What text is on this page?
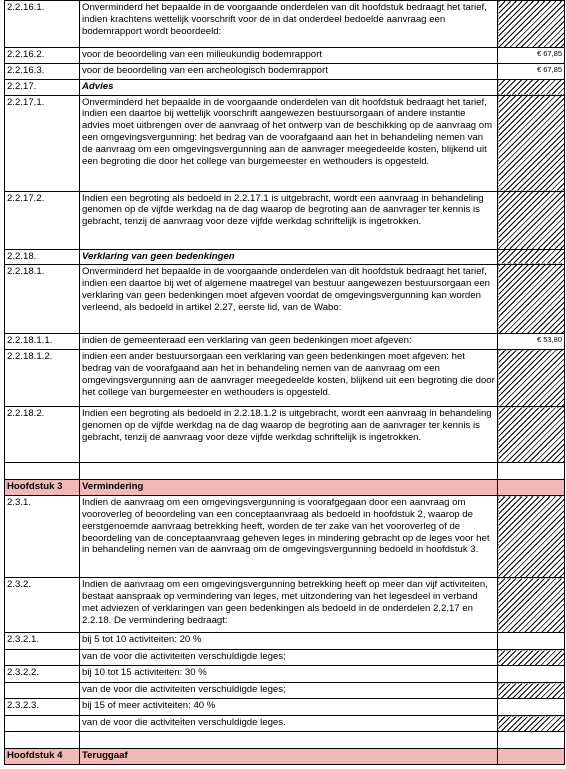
2.2.16.1.	Onverminderd het bepaalde in de voorgaande onderdelen van dit hoofdstuk bedraagt het tarief, indien krachtens wettelijk voorschrift voor de in dat onderdeel bedoelde aanvraag een bodemrapport wordt beoordeeld:	
2.2.16.2.	voor de beoordeling van een milieukundig bodemrapport	€ 67,85
2.2.16.3.	voor de beoordeling van een archeologisch bodemrapport	€ 67,85
2.2.17.	Advies	
2.2.17.1.	Onverminderd het bepaalde in de voorgaande onderdelen van dit hoofdstuk bedraagt het tarief, indien een daartoe bij wettelijk voorschrift aangewezen bestuursorgaan of andere instantie advies moet uitbrengen over de aanvraag of het ontwerp van de beschikking op de aanvraag om een omgevingsvergunning: het bedrag van de voorafgaand aan het in behandeling nemen van de aanvraag om een omgevingsvergunning aan de aanvrager meegedeelde kosten, blijkend uit een begroting die door het college van burgemeester en wethouders is opgesteld.	
2.2.17.2.	Indien een begroting als bedoeld in 2.2.17.1 is uitgebracht, wordt een aanvraag in behandeling genomen op de vijfde werkdag na de dag waarop de begroting aan de aanvrager ter kennis is gebracht, tenzij de aanvraag voor deze vijfde werkdag schriftelijk is ingetrokken.	
2.2.18.	Verklaring van geen bedenkingen	
2.2.18.1.	Onverminderd het bepaalde in de voorgaande onderdelen van dit hoofdstuk bedraagt het tarief, indien een daartoe bij wet of algemene maatregel van bestuur aangewezen bestuursorgaan een verklaring van geen bedenkingen moet afgeven voordat de omgevingsvergunning kan worden verleend, als bedoeld in artikel 2.27, eerste lid, van de Wabo:	
2.2.18.1.1.	indien de gemeenteraad een verklaring van geen bedenkingen moet afgeven:	€ 53,80
2.2.18.1.2.	indien een ander bestuursorgaan een verklaring van geen bedenkingen moet afgeven: het bedrag van de voorafgaand aan het in behandeling nemen van de aanvraag om een omgevingsvergunning aan de aanvrager meegedeelde kosten, blijkend uit een begroting die door het college van burgemeester en wethouders is opgesteld.	
2.2.18.2.	Indien een begroting als bedoeld in 2.2.18.1.2 is uitgebracht, wordt een aanvraag in behandeling genomen op de vijfde werkdag na de dag waarop de begroting aan de aanvrager ter kennis is gebracht, tenzij de aanvraag voor deze vijfde werkdag schriftelijk is ingetrokken.	

Hoofdstuk 3	Vermindering	
2.3.1.	Indien de aanvraag om een omgevingsvergunning is voorafgegaan door een aanvraag om vooroverleg of beoordeling van een conceptaanvraag als bedoeld in hoofdstuk 2, waarop de eerstgenoemde aanvraag betrekking heeft, worden de ter zake van het vooroverleg of de beoordeling van de conceptaanvraag geheven leges in mindering gebracht op de leges voor het in behandeling nemen van de aanvraag om de omgevingsvergunning bedoeld in hoofdstuk 3.	
2.3.2.	Indien de aanvraag om een omgevingsvergunning betrekking heeft op meer dan vijf activiteiten, bestaat aanspraak op vermindering van leges, met uitzondering van het legesdeel in verband met adviezen of verklaringen van geen bedenkingen als bedoeld in de onderdelen 2.2.17 en 2.2.18. De vermindering bedraagt:	
2.3.2.1.	bij 5 tot 10 activiteiten: 20 %	
	van de voor die activiteiten verschuldigde leges;	
2.3.2.2.	bij 10 tot 15 activiteiten: 30 %	
	van de voor die activiteiten verschuldigde leges;	
2.3.2.3.	bij 15 of meer activiteiten: 40 %	
	van de voor die activiteiten verschuldigde leges.	

Hoofdstuk 4	Teruggaaf	
